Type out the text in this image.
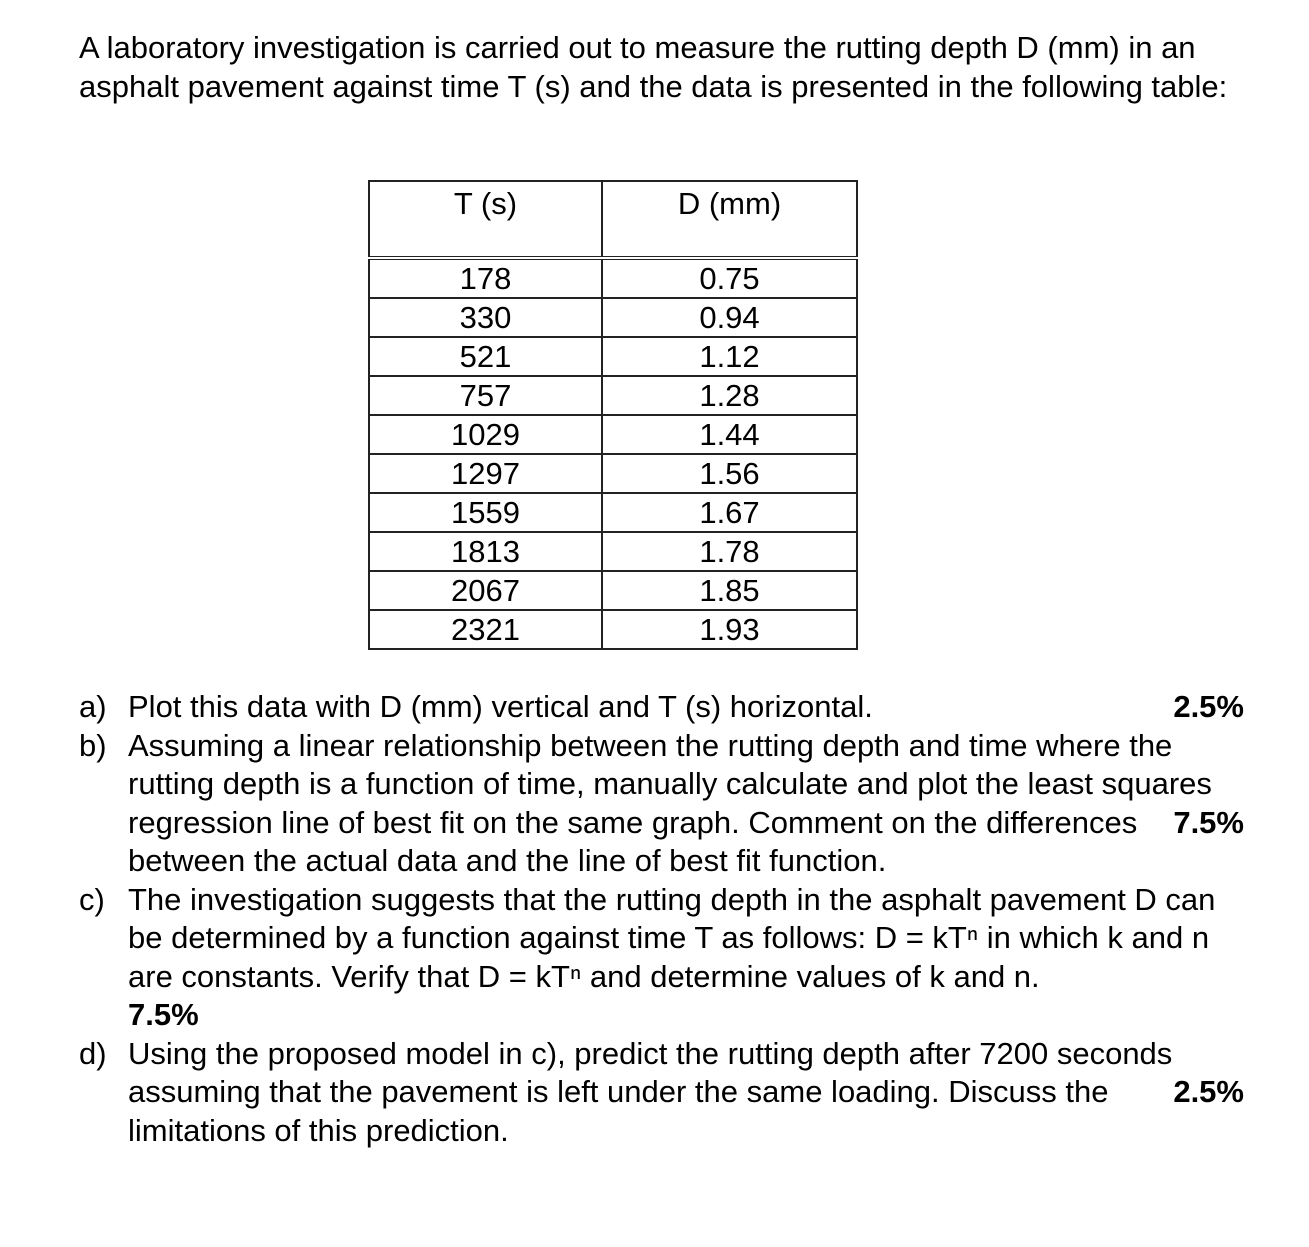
A laboratory investigation is carried out to measure the rutting depth D (mm) in an asphalt pavement against time T (s) and the data is presented in the following table:

T (s)	D (mm)
178	0.75
330	0.94
521	1.12
757	1.28
1029	1.44
1297	1.56
1559	1.67
1813	1.78
2067	1.85
2321	1.93
a)	2.5%
Plot this data with D (mm) vertical and T (s) horizontal.
b) Assuming a linear relationship between the rutting depth and time where the rutting depth is a function of time, manually calculate and plot the least squares regression line of best fit on the same graph. Comment on the differences between the actual data and the line of best fit function.
7.5%
c) The investigation suggests that the rutting depth in the asphalt pavement D can be determined by a function against time T as follows: D = kTⁿ in which k and n are constants. Verify that D = kTⁿ and determine values of k and n.
7.5%
d) Using the proposed model in c), predict the rutting depth after 7200 seconds assuming that the pavement is left under the same loading. Discuss the limitations of this prediction.
2.5%
